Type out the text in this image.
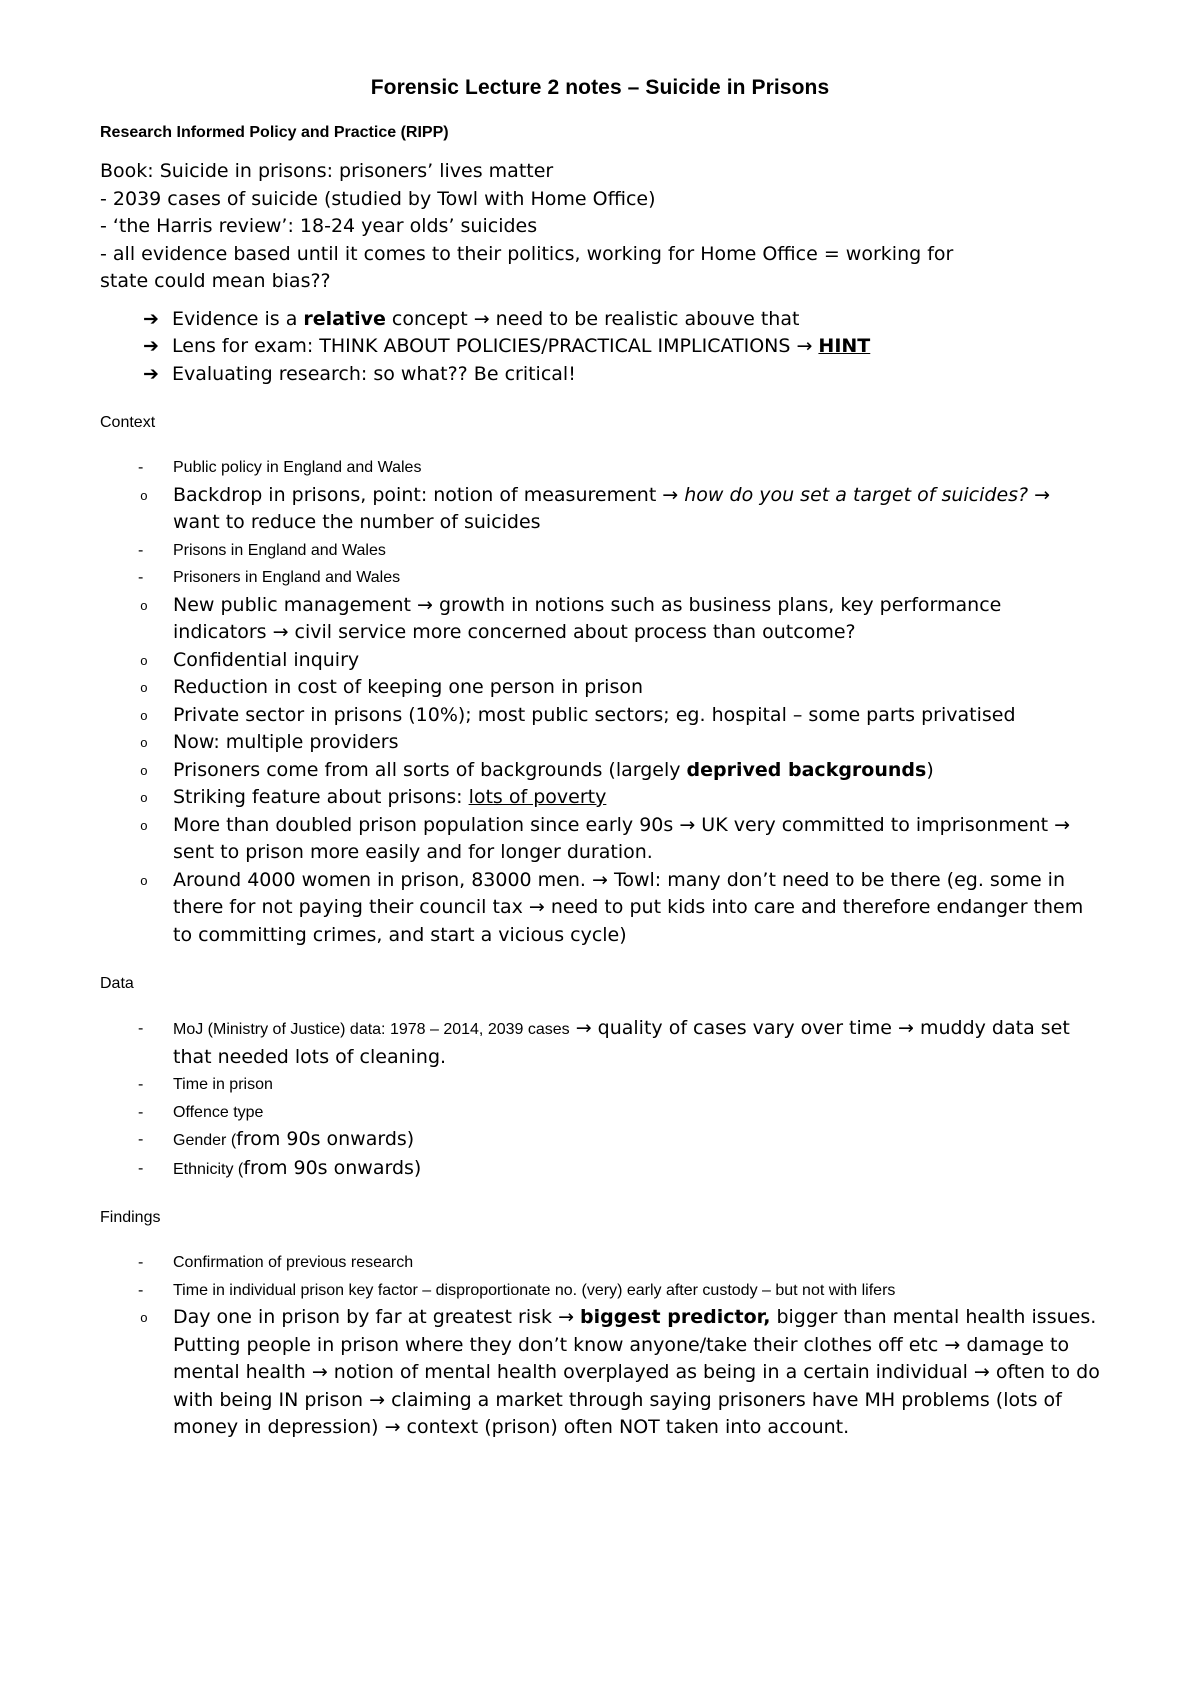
Forensic Lecture 2 notes – Suicide in Prisons
Research Informed Policy and Practice (RIPP)
Book: Suicide in prisons: prisoners’ lives matter
- 2039 cases of suicide (studied by Towl with Home Office)
- ‘the Harris review’: 18-24 year olds’ suicides
- all evidence based until it comes to their politics, working for Home Office = working for
state could mean bias??
➔ Evidence is a relative concept → need to be realistic abouve that
➔ Lens for exam: THINK ABOUT POLICIES/PRACTICAL IMPLICATIONS → HINT
➔ Evaluating research: so what?? Be critical!
Context
- Public policy in England and Wales
o Backdrop in prisons, point: notion of measurement → how do you set a target of suicides? → want to reduce the number of suicides
- Prisons in England and Wales
- Prisoners in England and Wales
o New public management → growth in notions such as business plans, key performance indicators → civil service more concerned about process than outcome?
o Confidential inquiry
o Reduction in cost of keeping one person in prison
o Private sector in prisons (10%); most public sectors; eg. hospital – some parts privatised
o Now: multiple providers
o Prisoners come from all sorts of backgrounds (largely deprived backgrounds)
o Striking feature about prisons: lots of poverty
o More than doubled prison population since early 90s → UK very committed to imprisonment → sent to prison more easily and for longer duration.
o Around 4000 women in prison, 83000 men. → Towl: many don’t need to be there (eg. some in there for not paying their council tax → need to put kids into care and therefore endanger them to committing crimes, and start a vicious cycle)
Data
- MoJ (Ministry of Justice) data: 1978 – 2014, 2039 cases → quality of cases vary over time → muddy data set that needed lots of cleaning.
- Time in prison
- Offence type
- Gender (from 90s onwards)
- Ethnicity (from 90s onwards)
Findings
- Confirmation of previous research
- Time in individual prison key factor – disproportionate no. (very) early after custody – but not with lifers
o Day one in prison by far at greatest risk → biggest predictor, bigger than mental health issues. Putting people in prison where they don’t know anyone/take their clothes off etc → damage to mental health → notion of mental health overplayed as being in a certain individual → often to do with being IN prison → claiming a market through saying prisoners have MH problems (lots of money in depression) → context (prison) often NOT taken into account.
